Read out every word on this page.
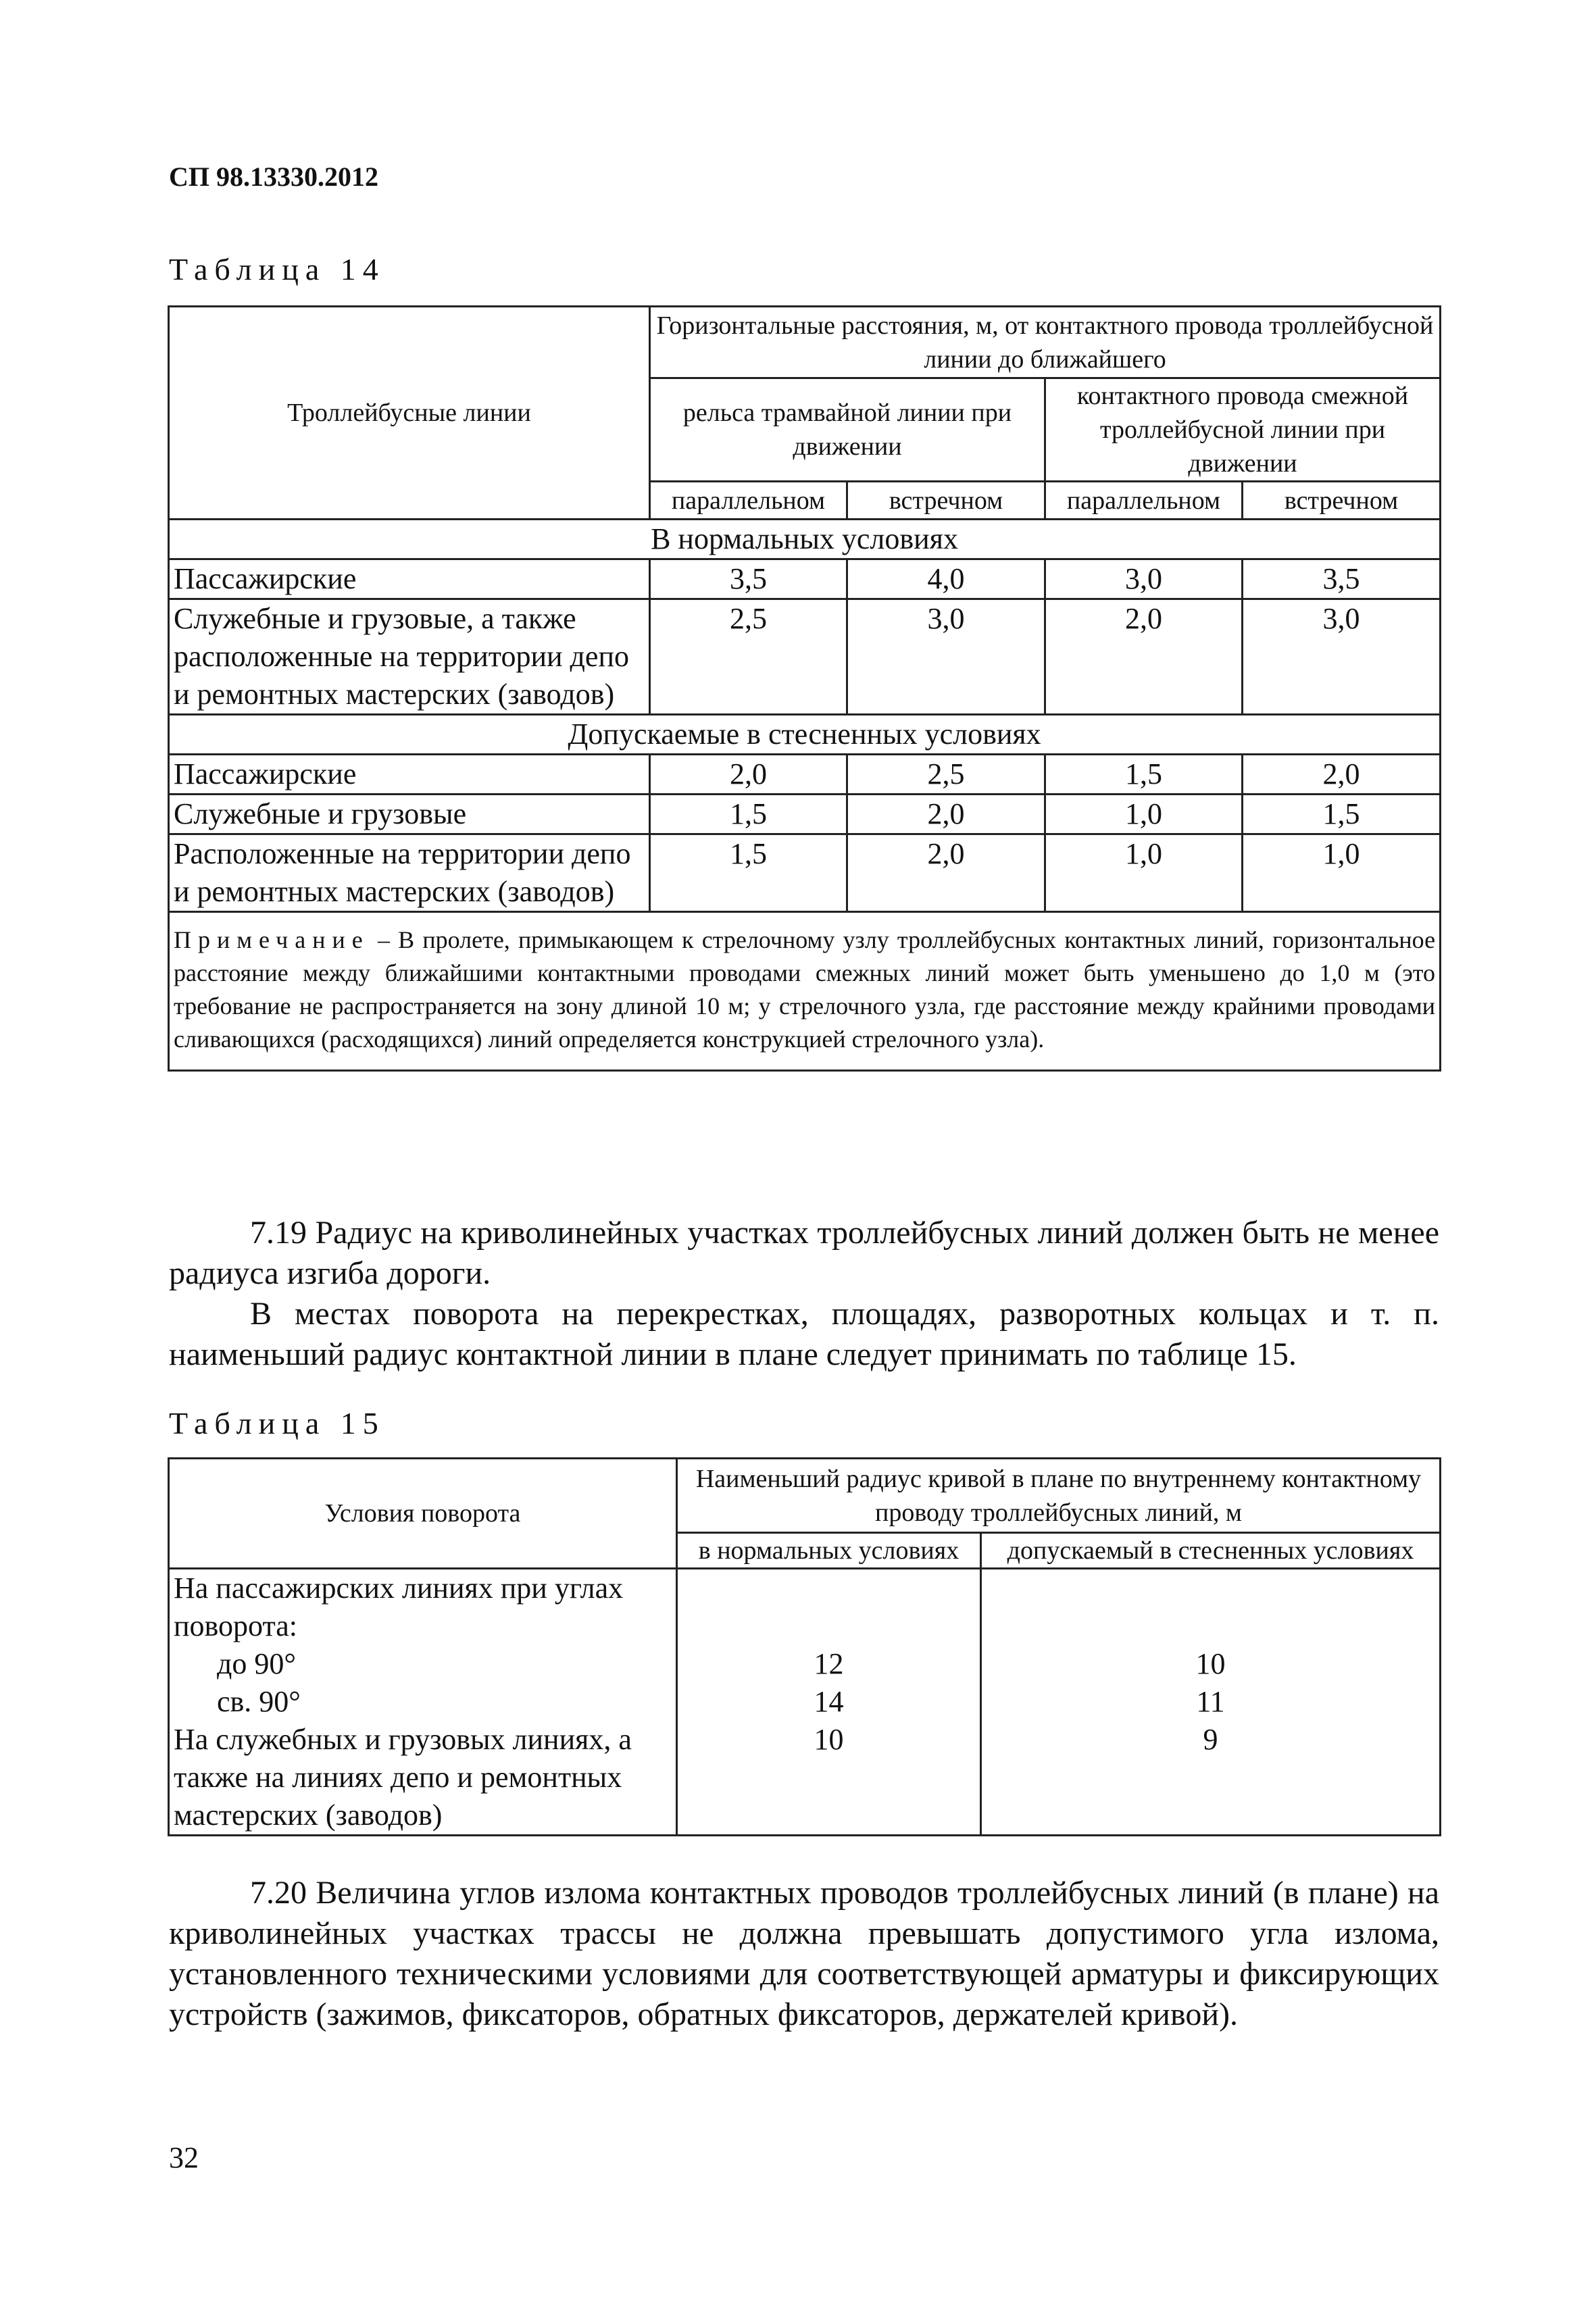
СП 98.13330.2012
Таблица 14
Троллейбусные линии	Горизонтальные расстояния, м, от контактного провода троллейбусной линии до ближайшего			
	рельса трамвайной линии при движении		контактного провода смежной троллейбусной линии при движении	
	параллельном	встречном	параллельном	встречном
В нормальных условиях				
Пассажирские	3,5	4,0	3,0	3,5
Служебные и грузовые, а также расположенные на территории депо и ремонтных мастерских (заводов)	2,5	3,0	2,0	3,0
Допускаемые в стесненных условиях				
Пассажирские	2,0	2,5	1,5	2,0
Служебные и грузовые	1,5	2,0	1,0	1,5
Расположенные на территории депо и ремонтных мастерских (заводов)	1,5	2,0	1,0	1,0
Примечание – В пролете, примыкающем к стрелочному узлу троллейбусных контактных линий, горизонтальное расстояние между ближайшими контактными проводами смежных линий может быть уменьшено до 1,0 м (это требование не распространяется на зону длиной 10 м; у стрелочного узла, где расстояние между крайними проводами сливающихся (расходящихся) линий определяется конструкцией стрелочного узла).				

7.19 Радиус на криволинейных участках троллейбусных линий должен быть не менее радиуса изгиба дороги.

В местах поворота на перекрестках, площадях, разворотных кольцах и т. п. наименьший радиус контактной линии в плане следует принимать по таблице 15.

Таблица 15
Условия поворота	Наименьший радиус кривой в плане по внутреннему контактному проводу троллейбусных линий, м	
	в нормальных условиях	допускаемый в стесненных условиях
На пассажирских линиях при углах поворота:		
до 90°	12	10
св. 90°	14	11
На служебных и грузовых линиях, а также на линиях депо и ремонтных мастерских (заводов)	10	9

7.20 Величина углов излома контактных проводов троллейбусных линий (в плане) на криволинейных участках трассы не должна превышать допустимого угла излома, установленного техническими условиями для соответствующей арматуры и фиксирующих устройств (зажимов, фиксаторов, обратных фиксаторов, держателей кривой).

32
